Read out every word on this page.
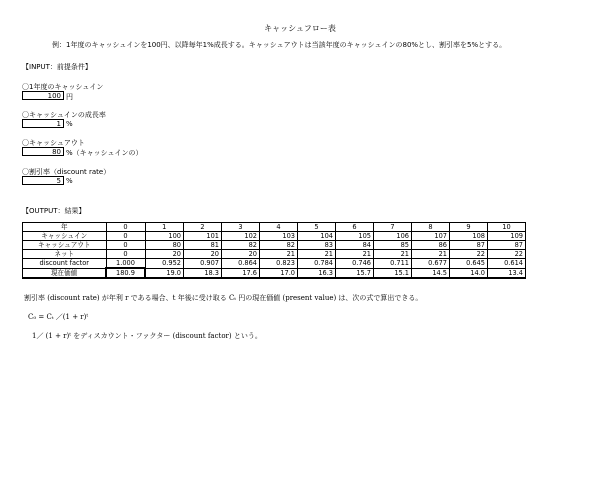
キャッシュフロー表
例：1年度のキャッシュインを100円、以降毎年1%成長する。キャッシュアウトは当該年度のキャッシュインの80%とし、割引率を5%とする。
【INPUT：前提条件】
〇1年度のキャッシュイン
100 円
〇キャッシュインの成長率
1 %
〇キャッシュアウト
80 %（キャッシュインの）
〇割引率（discount rate）
5 %
【OUTPUT：結果】
年	0	1	2	3	4	5	6	7	8	9	10
キャッシュイン	0	100	101	102	103	104	105	106	107	108	109
キャッシュアウト	0	80	81	82	82	83	84	85	86	87	87
ネット	0	20	20	20	21	21	21	21	21	22	22
discount factor	1.000	0.952	0.907	0.864	0.823	0.784	0.746	0.711	0.677	0.645	0.614
現在価値	180.9	19.0	18.3	17.6	17.0	16.3	15.7	15.1	14.5	14.0	13.4
割引率 (discount rate) が年利 r である場合、t 年後に受け取る Cₜ 円の現在価値 (present value) は、次の式で算出できる。
C₀ = Cₜ ／(1 + r)ᵗ
1／ (1 + r)ᵗ をディスカウント・ファクター (discount factor) という。
